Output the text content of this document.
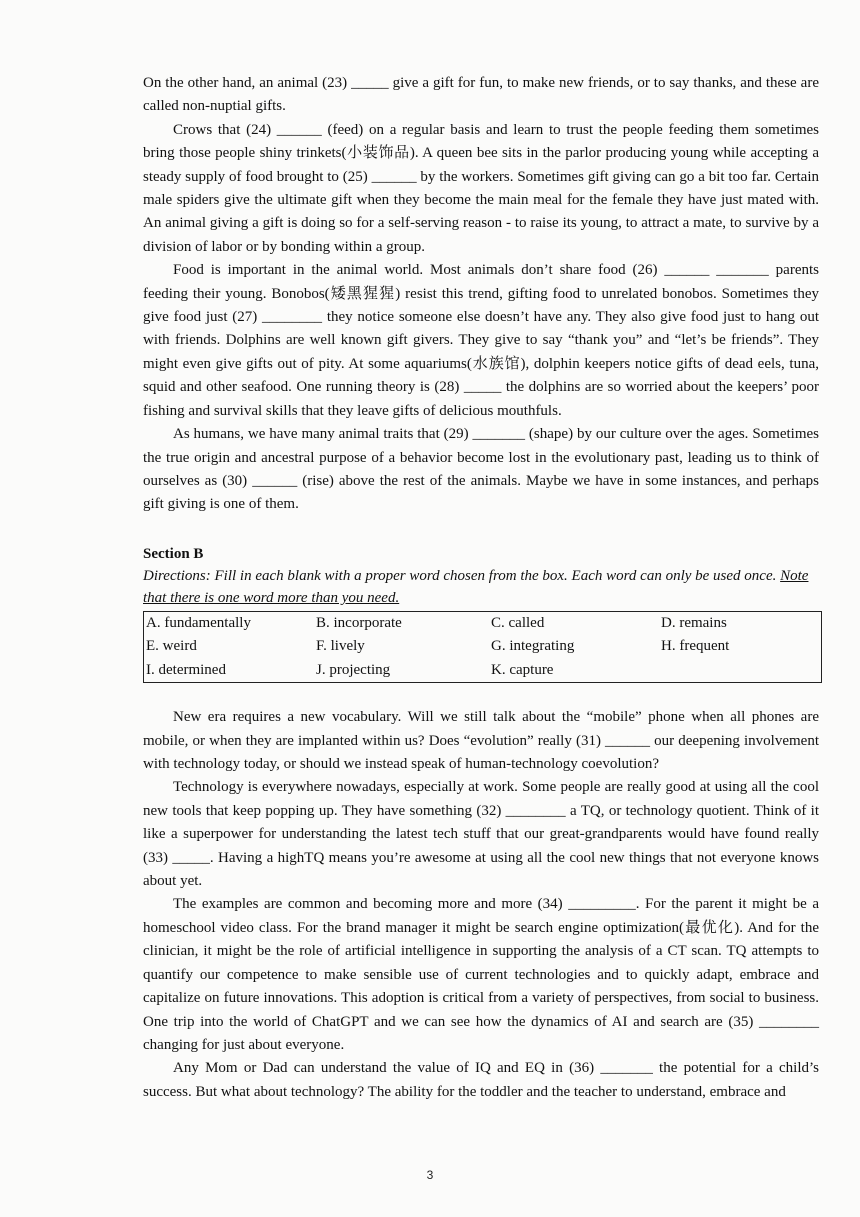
On the other hand, an animal (23) _____ give a gift for fun, to make new friends, or to say thanks, and these are called non-nuptial gifts.

Crows that (24) ______ (feed) on a regular basis and learn to trust the people feeding them sometimes bring those people shiny trinkets(小装饰品). A queen bee sits in the parlor producing young while accepting a steady supply of food brought to (25) ______ by the workers. Sometimes gift giving can go a bit too far. Certain male spiders give the ultimate gift when they become the main meal for the female they have just mated with. An animal giving a gift is doing so for a self-serving reason - to raise its young, to attract a mate, to survive by a division of labor or by bonding within a group.

Food is important in the animal world. Most animals don’t share food (26) ______ _______ parents feeding their young. Bonobos(矮黑猩猩) resist this trend, gifting food to unrelated bonobos. Sometimes they give food just (27) ________ they notice someone else doesn’t have any. They also give food just to hang out with friends. Dolphins are well known gift givers. They give to say “thank you” and “let’s be friends”. They might even give gifts out of pity. At some aquariums(水族馆), dolphin keepers notice gifts of dead eels, tuna, squid and other seafood. One running theory is (28) _____ the dolphins are so worried about the keepers’ poor fishing and survival skills that they leave gifts of delicious mouthfuls.

As humans, we have many animal traits that (29) _______ (shape) by our culture over the ages. Sometimes the true origin and ancestral purpose of a behavior become lost in the evolutionary past, leading us to think of ourselves as (30) ______ (rise) above the rest of the animals. Maybe we have in some instances, and perhaps gift giving is one of them.

Section B

Directions: Fill in each blank with a proper word chosen from the box. Each word can only be used once. Note that there is one word more than you need.

A. fundamentally	B. incorporate	C. called	D. remains
E. weird	F. lively	G. integrating	H. frequent
I. determined	J. projecting	K. capture	

New era requires a new vocabulary. Will we still talk about the “mobile” phone when all phones are mobile, or when they are implanted within us? Does “evolution” really (31) ______ our deepening involvement with technology today, or should we instead speak of human-technology coevolution?

Technology is everywhere nowadays, especially at work. Some people are really good at using all the cool new tools that keep popping up. They have something (32) ________ a TQ, or technology quotient. Think of it like a superpower for understanding the latest tech stuff that our great-grandparents would have found really (33) _____. Having a highTQ means you’re awesome at using all the cool new things that not everyone knows about yet.

The examples are common and becoming more and more (34) _________. For the parent it might be a homeschool video class. For the brand manager it might be search engine optimization(最优化). And for the clinician, it might be the role of artificial intelligence in supporting the analysis of a CT scan. TQ attempts to quantify our competence to make sensible use of current technologies and to quickly adapt, embrace and capitalize on future innovations. This adoption is critical from a variety of perspectives, from social to business. One trip into the world of ChatGPT and we can see how the dynamics of AI and search are (35) ________ changing for just about everyone.

Any Mom or Dad can understand the value of IQ and EQ in (36) _______ the potential for a child’s success. But what about technology? The ability for the toddler and the teacher to understand, embrace and

3
